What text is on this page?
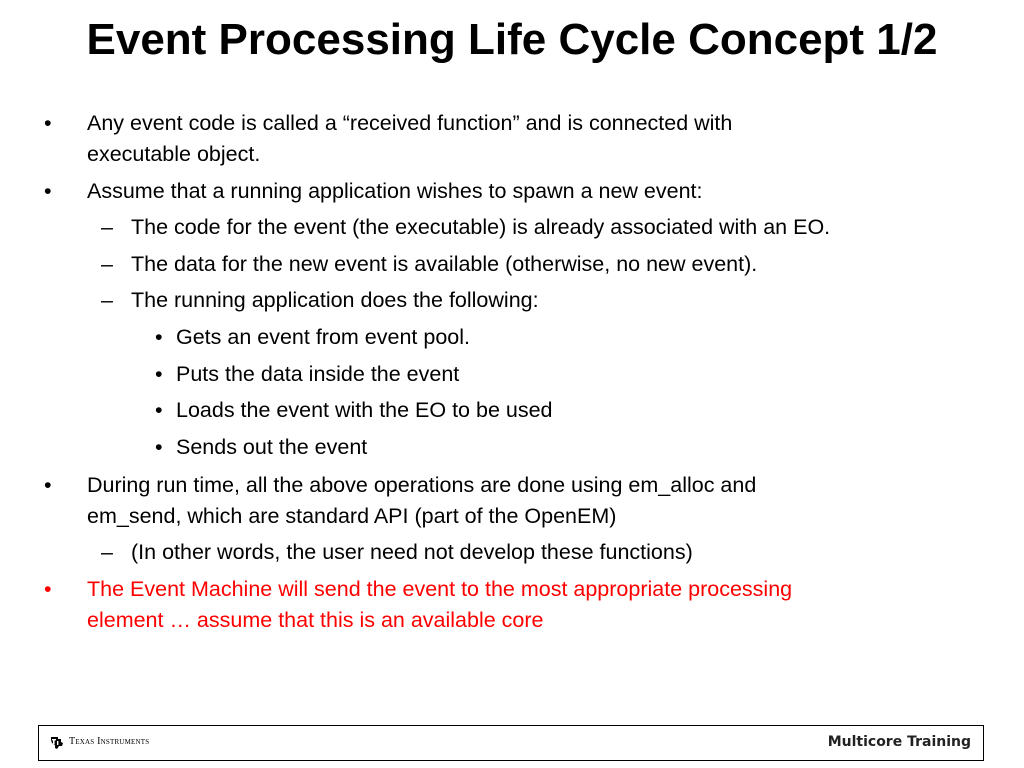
Event Processing Life Cycle Concept 1/2
• Any event code is called a “received function” and is connected with
executable object.
• Assume that a running application wishes to spawn a new event:
– The code for the event (the executable) is already associated with an EO.
– The data for the new event is available (otherwise, no new event).
– The running application does the following:
• Gets an event from event pool.
• Puts the data inside the event
• Loads the event with the EO to be used
• Sends out the event
• During run time, all the above operations are done using em_alloc and
em_send, which are standard API (part of the OpenEM)
– (In other words, the user need not develop these functions)
• The Event Machine will send the event to the most appropriate processing
element … assume that this is an available core
Texas Instruments	Multicore Training
